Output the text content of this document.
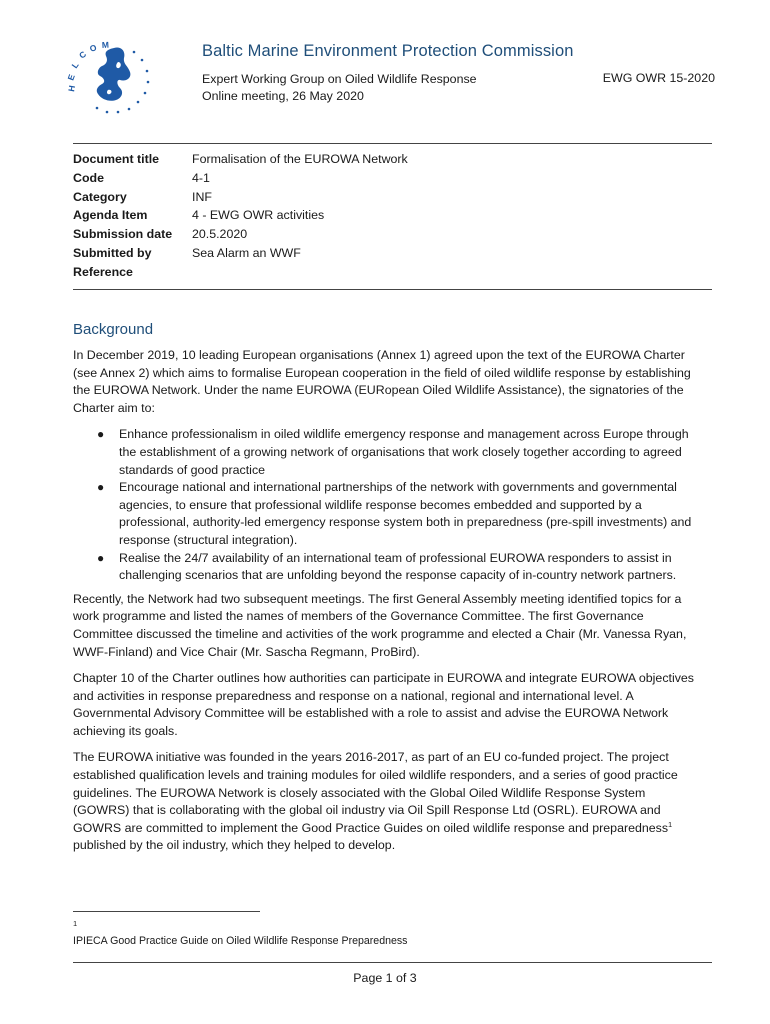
H
E
L
C
O M	Baltic Marine Environment Protection Commission
Expert Working Group on Oiled Wildlife Response
Online meeting, 26 May 2020
EWG OWR 15-2020
Document title	Formalisation of the EUROWA Network
Code	4-1
Category	INF
Agenda Item	4 - EWG OWR activities
Submission date	20.5.2020
Submitted by	Sea Alarm an WWF
Reference
Background

In December 2019, 10 leading European organisations (Annex 1) agreed upon the text of the EUROWA Charter (see Annex 2) which aims to formalise European cooperation in the field of oiled wildlife response by establishing the EUROWA Network. Under the name EUROWA (EURopean Oiled Wildlife Assistance), the signatories of the Charter aim to:

● Enhance professionalism in oiled wildlife emergency response and management across Europe through the establishment of a growing network of organisations that work closely together according to agreed standards of good practice
● Encourage national and international partnerships of the network with governments and governmental agencies, to ensure that professional wildlife response becomes embedded and supported by a professional, authority-led emergency response system both in preparedness (pre-spill investments) and response (structural integration).
● Realise the 24/7 availability of an international team of professional EUROWA responders to assist in challenging scenarios that are unfolding beyond the response capacity of in-country network partners.

Recently, the Network had two subsequent meetings. The first General Assembly meeting identified topics for a work programme and listed the names of members of the Governance Committee. The first Governance Committee discussed the timeline and activities of the work programme and elected a Chair (Mr. Vanessa Ryan, WWF-Finland) and Vice Chair (Mr. Sascha Regmann, ProBird).

Chapter 10 of the Charter outlines how authorities can participate in EUROWA and integrate EUROWA objectives and activities in response preparedness and response on a national, regional and international level. A Governmental Advisory Committee will be established with a role to assist and advise the EUROWA Network achieving its goals.

The EUROWA initiative was founded in the years 2016-2017, as part of an EU co-funded project. The project established qualification levels and training modules for oiled wildlife responders, and a series of good practice guidelines. The EUROWA Network is closely associated with the Global Oiled Wildlife Response System (GOWRS) that is collaborating with the global oil industry via Oil Spill Response Ltd (OSRL). EUROWA and GOWRS are committed to implement the Good Practice Guides on oiled wildlife response and preparedness$^1$ published by the oil industry, which they helped to develop.

1
IPIECA Good Practice Guide on Oiled Wildlife Response Preparedness
Page 1 of 3
